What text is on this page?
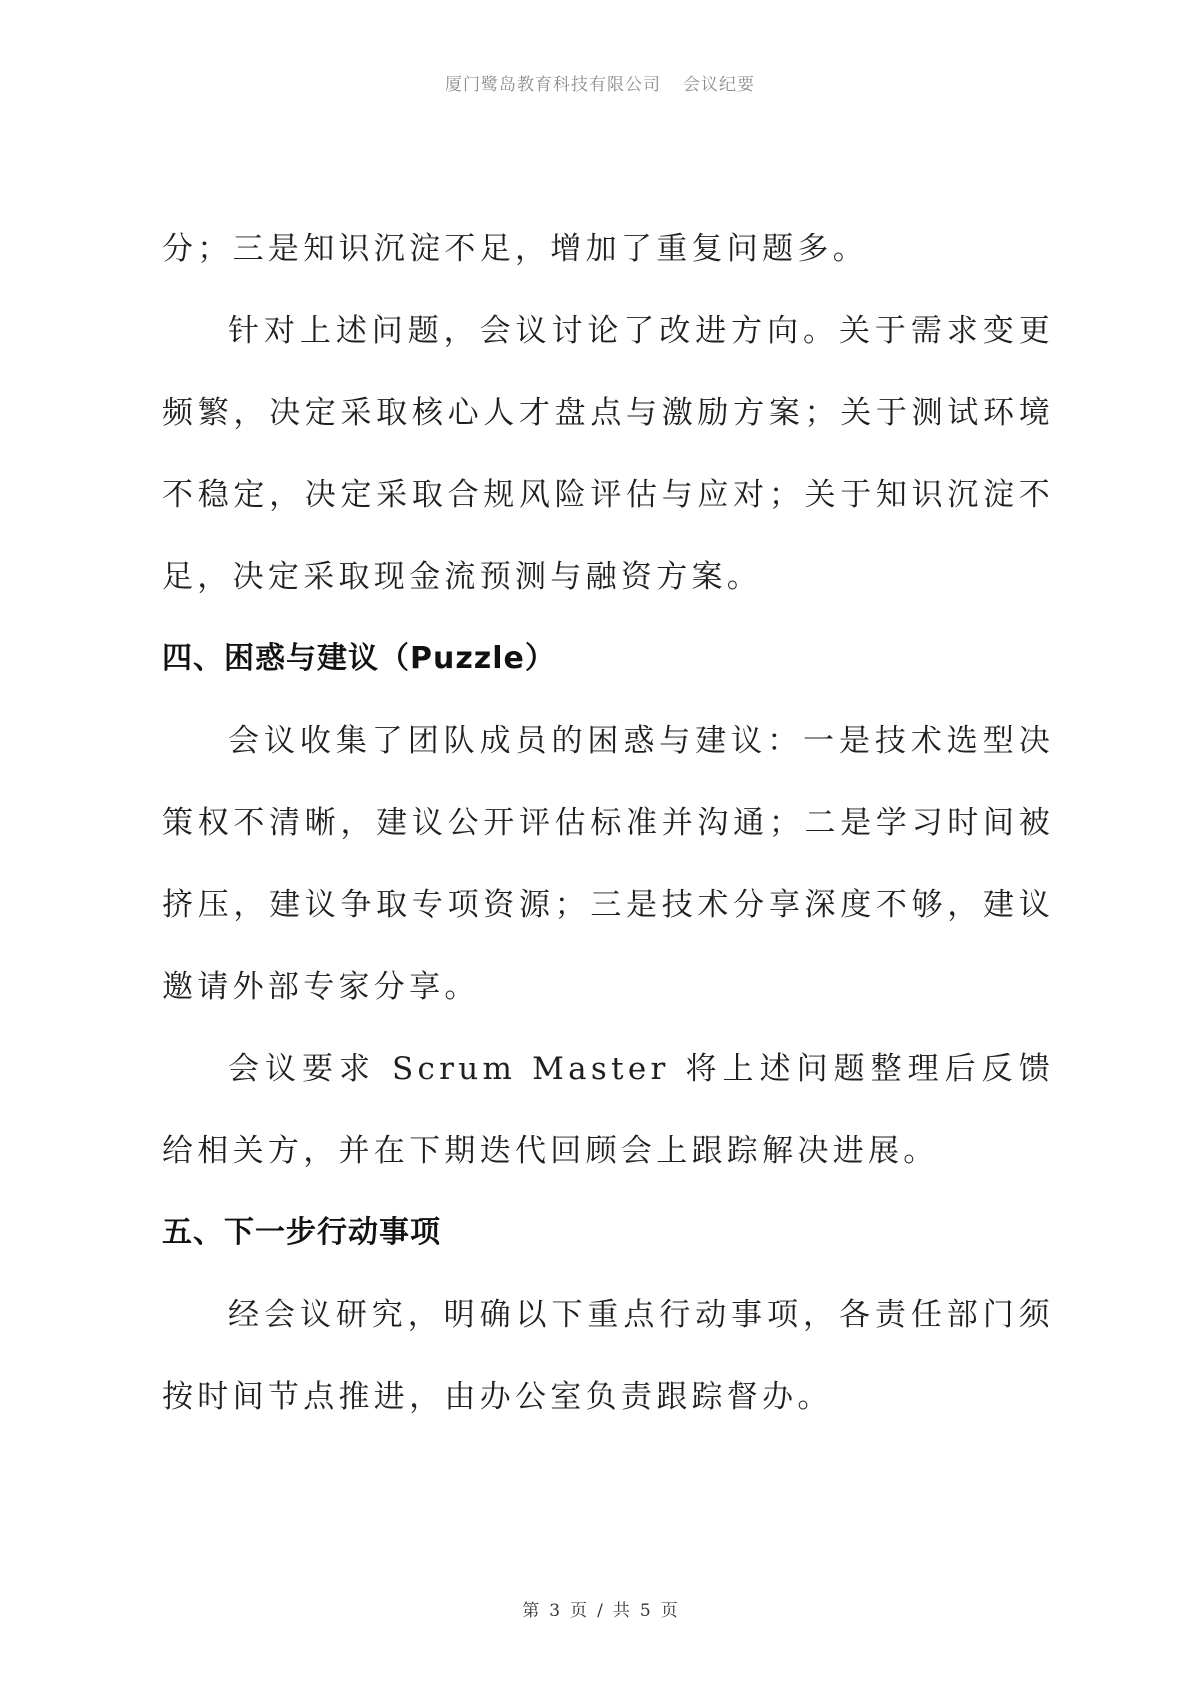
厦门鹭岛教育科技有限公司 会议纪要

分；三是知识沉淀不足，增加了重复问题多。

针对上述问题，会议讨论了改进方向。关于需求变更频繁，决定采取核心人才盘点与激励方案；关于测试环境不稳定，决定采取合规风险评估与应对；关于知识沉淀不足，决定采取现金流预测与融资方案。

四、困惑与建议（Puzzle）

会议收集了团队成员的困惑与建议：一是技术选型决策权不清晰，建议公开评估标准并沟通；二是学习时间被挤压，建议争取专项资源；三是技术分享深度不够，建议邀请外部专家分享。

会议要求 Scrum Master 将上述问题整理后反馈给相关方，并在下期迭代回顾会上跟踪解决进展。

五、下一步行动事项

经会议研究，明确以下重点行动事项，各责任部门须按时间节点推进，由办公室负责跟踪督办。

第 3 页 / 共 5 页
